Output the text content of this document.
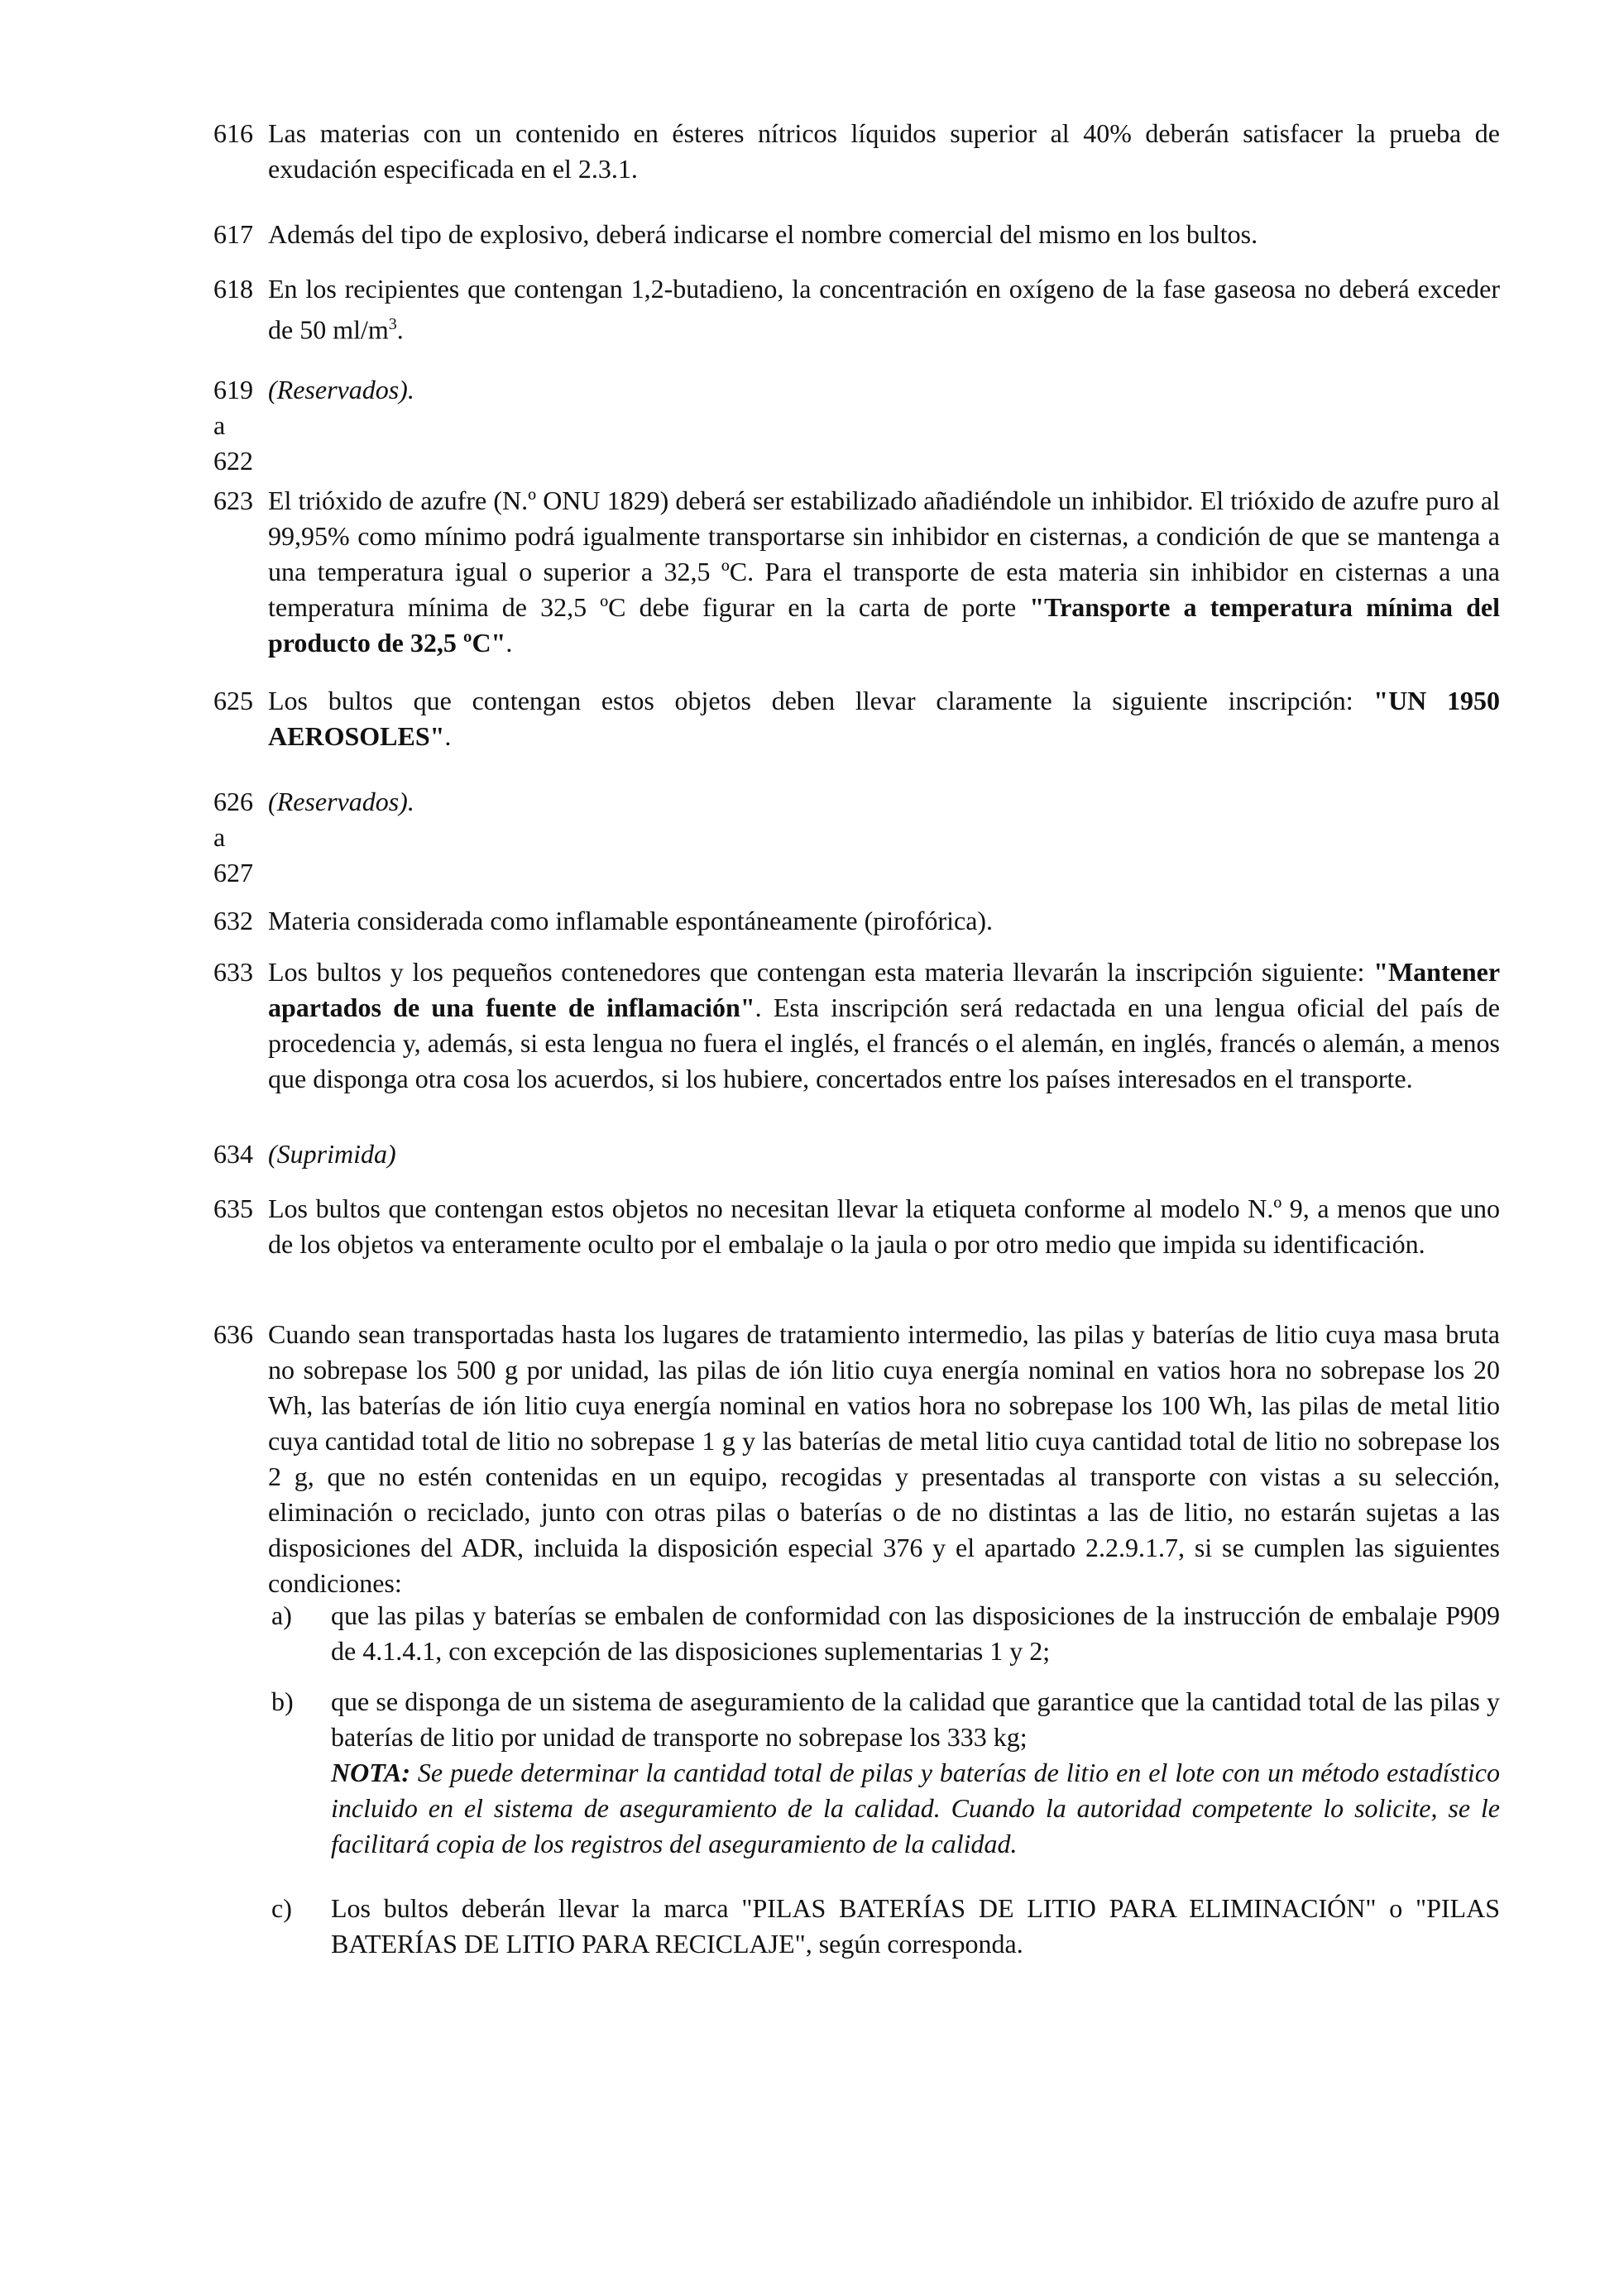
616 Las materias con un contenido en ésteres nítricos líquidos superior al 40% deberán satisfacer la prueba de exudación especificada en el 2.3.1.
617 Además del tipo de explosivo, deberá indicarse el nombre comercial del mismo en los bultos.
618 En los recipientes que contengan 1,2-butadieno, la concentración en oxígeno de la fase gaseosa no deberá exceder de 50 $ml/m^3$.
619
a
622
(Reservados).
623 El trióxido de azufre (N.º ONU 1829) deberá ser estabilizado añadiéndole un inhibidor. El trióxido de azufre puro al 99,95% como mínimo podrá igualmente transportarse sin inhibidor en cisternas, a condición de que se mantenga a una temperatura igual o superior a 32,5 ºC. Para el transporte de esta materia sin inhibidor en cisternas a una temperatura mínima de 32,5 ºC debe figurar en la carta de porte "Transporte a temperatura mínima del producto de 32,5 ºC".
625 Los bultos que contengan estos objetos deben llevar claramente la siguiente inscripción: "UN 1950 AEROSOLES".
626
a
627
(Reservados).
632 Materia considerada como inflamable espontáneamente (pirofórica).
633 Los bultos y los pequeños contenedores que contengan esta materia llevarán la inscripción siguiente: "Mantener apartados de una fuente de inflamación". Esta inscripción será redactada en una lengua oficial del país de procedencia y, además, si esta lengua no fuera el inglés, el francés o el alemán, en inglés, francés o alemán, a menos que disponga otra cosa los acuerdos, si los hubiere, concertados entre los países interesados en el transporte.
634 (Suprimida)
635 Los bultos que contengan estos objetos no necesitan llevar la etiqueta conforme al modelo N.º 9, a menos que uno de los objetos va enteramente oculto por el embalaje o la jaula o por otro medio que impida su identificación.
636 Cuando sean transportadas hasta los lugares de tratamiento intermedio, las pilas y baterías de litio cuya masa bruta no sobrepase los 500 g por unidad, las pilas de ión litio cuya energía nominal en vatios hora no sobrepase los 20 Wh, las baterías de ión litio cuya energía nominal en vatios hora no sobrepase los 100 Wh, las pilas de metal litio cuya cantidad total de litio no sobrepase 1 g y las baterías de metal litio cuya cantidad total de litio no sobrepase los 2 g, que no estén contenidas en un equipo, recogidas y presentadas al transporte con vistas a su selección, eliminación o reciclado, junto con otras pilas o baterías o de no distintas a las de litio, no estarán sujetas a las disposiciones del ADR, incluida la disposición especial 376 y el apartado 2.2.9.1.7, si se cumplen las siguientes condiciones:
a) que las pilas y baterías se embalen de conformidad con las disposiciones de la instrucción de embalaje P909 de 4.1.4.1, con excepción de las disposiciones suplementarias 1 y 2;
b) que se disponga de un sistema de aseguramiento de la calidad que garantice que la cantidad total de las pilas y baterías de litio por unidad de transporte no sobrepase los 333 kg;
NOTA: Se puede determinar la cantidad total de pilas y baterías de litio en el lote con un método estadístico incluido en el sistema de aseguramiento de la calidad. Cuando la autoridad competente lo solicite, se le facilitará copia de los registros del aseguramiento de la calidad.
c) Los bultos deberán llevar la marca "PILAS BATERÍAS DE LITIO PARA ELIMINACIÓN" o "PILAS BATERÍAS DE LITIO PARA RECICLAJE", según corresponda.
